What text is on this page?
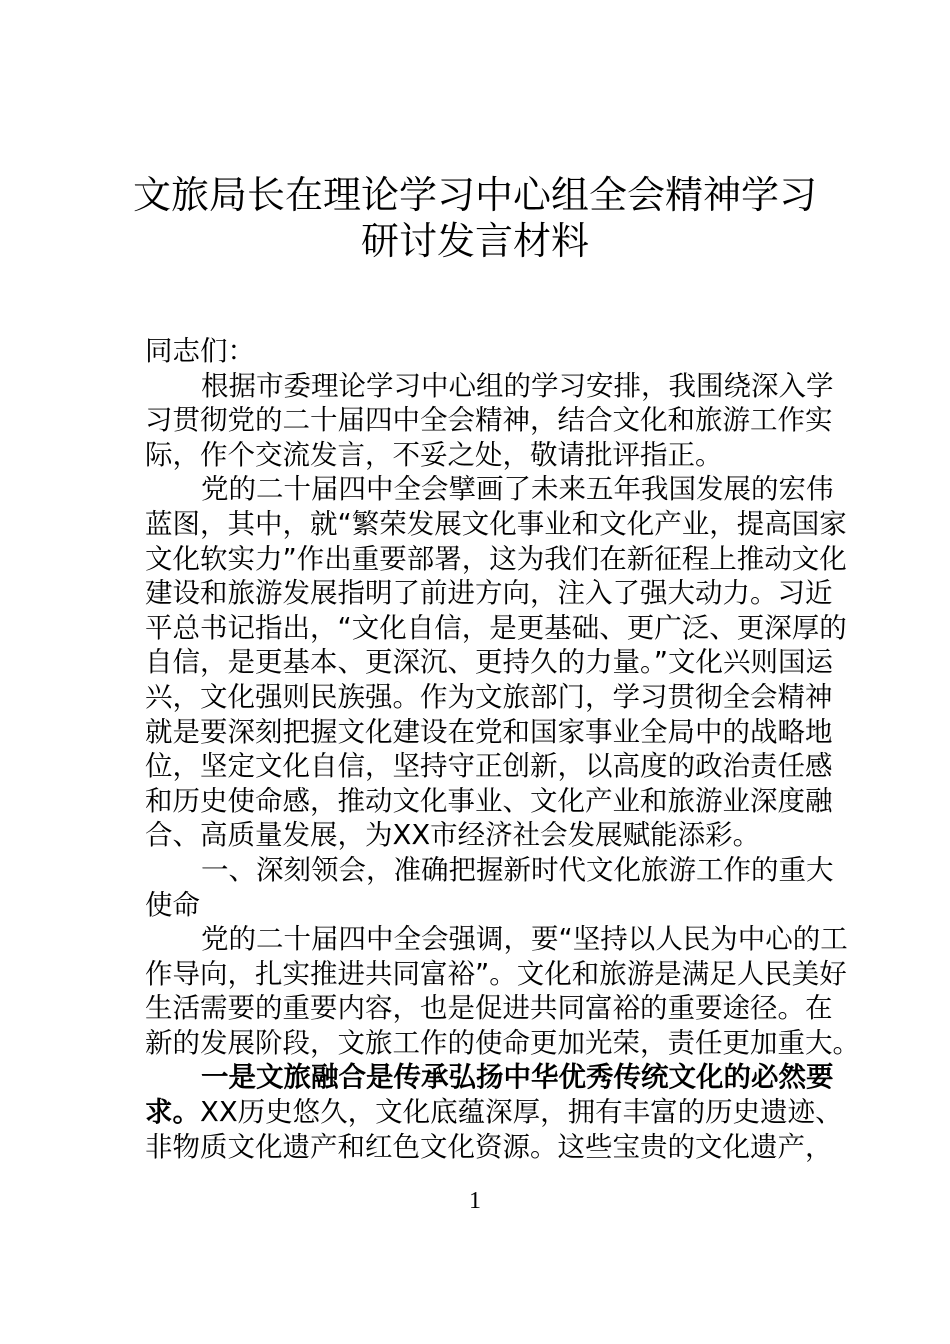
文旅局长在理论学习中心组全会精神学习
研讨发言材料
同志们：
根据市委理论学习中心组的学习安排，我围绕深入学
习贯彻党的二十届四中全会精神，结合文化和旅游工作实
际，作个交流发言，不妥之处，敬请批评指正。
党的二十届四中全会擘画了未来五年我国发展的宏伟
蓝图，其中，就“繁荣发展文化事业和文化产业，提高国家
文化软实力”作出重要部署，这为我们在新征程上推动文化
建设和旅游发展指明了前进方向，注入了强大动力。习近
平总书记指出，“文化自信，是更基础、更广泛、更深厚的
自信，是更基本、更深沉、更持久的力量。”文化兴则国运
兴，文化强则民族强。作为文旅部门，学习贯彻全会精神
就是要深刻把握文化建设在党和国家事业全局中的战略地
位，坚定文化自信，坚持守正创新，以高度的政治责任感
和历史使命感，推动文化事业、文化产业和旅游业深度融
合、高质量发展，为XX市经济社会发展赋能添彩。
一、深刻领会，准确把握新时代文化旅游工作的重大
使命
党的二十届四中全会强调，要“坚持以人民为中心的工
作导向，扎实推进共同富裕”。文化和旅游是满足人民美好
生活需要的重要内容，也是促进共同富裕的重要途径。在
新的发展阶段，文旅工作的使命更加光荣，责任更加重大。
一是文旅融合是传承弘扬中华优秀传统文化的必然要
求。XX历史悠久，文化底蕴深厚，拥有丰富的历史遗迹、
非物质文化遗产和红色文化资源。这些宝贵的文化遗产，
1
